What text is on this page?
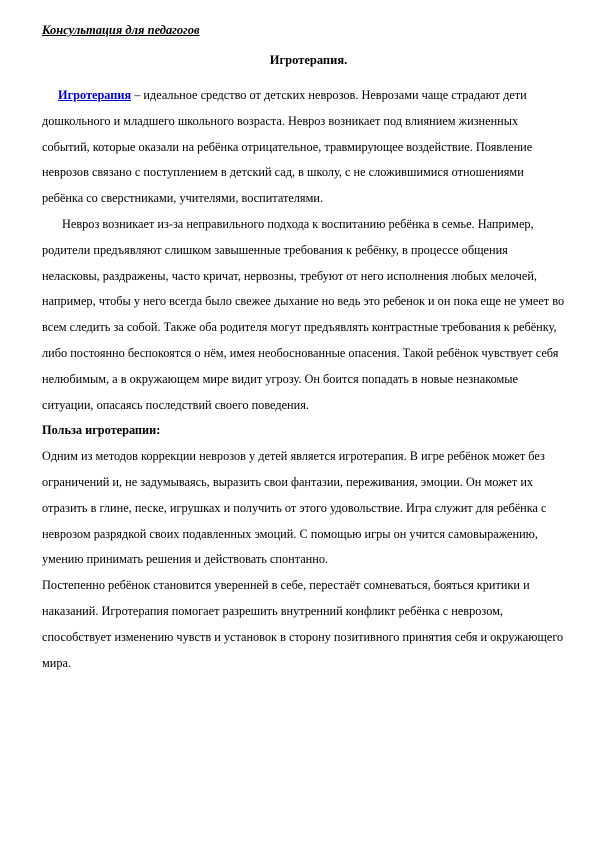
Консультация для педагогов

Игротерапия.

Игротерапия – идеальное средство от детских неврозов. Неврозами чаще страдают дети дошкольного и младшего школьного возраста. Невроз возникает под влиянием жизненных событий, которые оказали на ребёнка отрицательное, травмирующее воздействие. Появление неврозов связано с поступлением в детский сад, в школу, с не сложившимися отношениями ребёнка со сверстниками, учителями, воспитателями.

Невроз возникает из-за неправильного подхода к воспитанию ребёнка в семье. Например, родители предъявляют слишком завышенные требования к ребёнку, в процессе общения неласковы, раздражены, часто кричат, нервозны, требуют от него исполнения любых мелочей, например, чтобы у него всегда было свежее дыхание но ведь это ребенок и он пока еще не умеет во всем следить за собой. Также оба родителя могут предъявлять контрастные требования к ребёнку, либо постоянно беспокоятся о нём, имея необоснованные опасения. Такой ребёнок чувствует себя нелюбимым, а в окружающем мире видит угрозу. Он боится попадать в новые незнакомые ситуации, опасаясь последствий своего поведения.

Польза игротерапии:

Одним из методов коррекции неврозов у детей является игротерапия. В игре ребёнок может без ограничений и, не задумываясь, выразить свои фантазии, переживания, эмоции. Он может их отразить в глине, песке, игрушках и получить от этого удовольствие. Игра служит для ребёнка с неврозом разрядкой своих подавленных эмоций. С помощью игры он учится самовыражению, умению принимать решения и действовать спонтанно.

Постепенно ребёнок становится уверенней в себе, перестаёт сомневаться, бояться критики и наказаний. Игротерапия помогает разрешить внутренний конфликт ребёнка с неврозом, способствует изменению чувств и установок в сторону позитивного принятия себя и окружающего мира.
